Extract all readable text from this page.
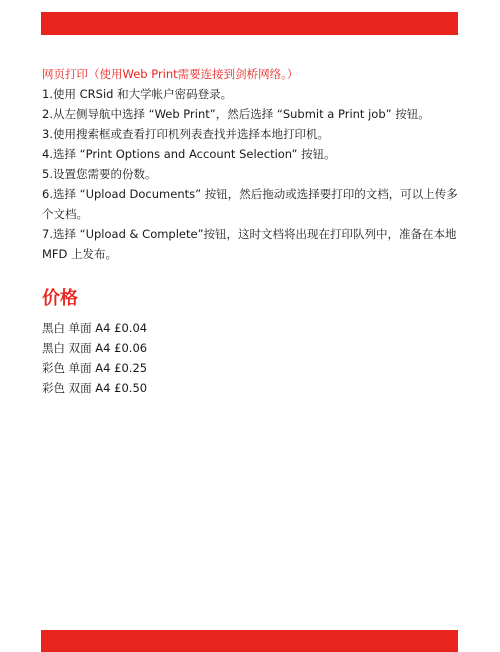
网页打印（使用Web Print需要连接到剑桥网络。）
1.使用 CRSid 和大学帐户密码登录。
2.从左侧导航中选择 “Web Print”，然后选择 “Submit a Print job” 按钮。
3.使用搜索框或查看打印机列表查找并选择本地打印机。
4.选择 “Print Options and Account Selection” 按钮。
5.设置您需要的份数。
6.选择 “Upload Documents” 按钮，然后拖动或选择要打印的文档，可以上传多个文档。
7.选择 “Upload & Complete”按钮，这时文档将出现在打印队列中，准备在本地 MFD 上发布。
价格
黑白 单面 A4 £0.04
黑白 双面 A4 £0.06
彩色 单面 A4 £0.25
彩色 双面 A4 £0.50
